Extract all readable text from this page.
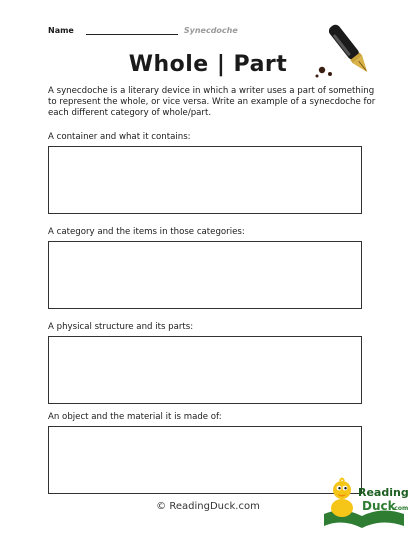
Name	Synecdoche
Whole | Part
A synecdoche is a literary device in which a writer uses a part of something to represent the whole, or vice versa. Write an example of a synecdoche for each different category of whole/part.
A container and what it contains:
A category and the items in those categories:
A physical structure and its parts:
An object and the material it is made of:
© ReadingDuck.com
Reading
Duck
.com
